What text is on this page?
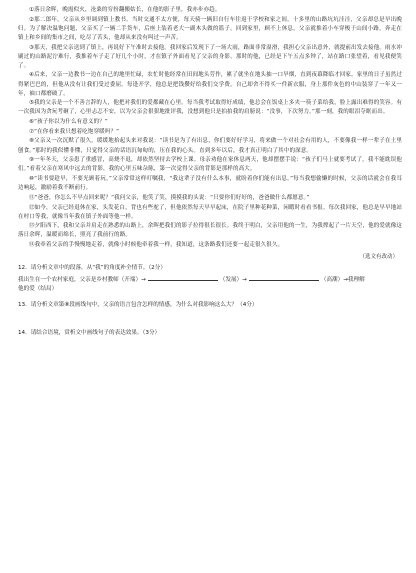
①落日余晖，晚霞似火，沧桑的穷扮翻搬姑长，在他的影子里，我亦步亦趋。

②那二郎年，父亲从乡里调到镇上教书。当时交通不太方便，每天骑一辆旧自行车往返于学校和家之间，十多里的山路坑坑洼洼，父亲却总是早出晚归。为了解决温饱问题，父亲买了一辆二手货车，后座上装着老大一副木头做的篮子。回到家里，顾不上休息，父亲就推着小车穿梭于山间小路，奔走在镇上和乡间的集市之间，吃尽了苦头，他却从来没有叫过一声苦。

③那天，我把父亲送到了镇上，再说好下午准时去接他。我回家后发现下了一场大雨，路面非常湿滑，我担心父亲出意外，就提前出发去接他。雨水冲刷过的山路泥泞难行，我推着车子走了好几个小时，才在镇子外面看见了父亲的身影。那时的他，已经是下午五点多钟了，站在路口张望着，看见我便笑了。

④后来，父亲一边教书一边在自己的地里忙碌，农忙时他经常在田间地头劳作，累了就坐在地头抽一口旱烟，直到夜幕降临才回家。家里的日子虽然过得紧巴巴的，但他从没有让我们受过委屈。每逢开学，他总是把钱攒好给我们交学费，自己却舍不得买一件新衣服，身上那件灰色的中山装穿了一年又一年，袖口都磨破了。

⑤我的父亲是一个不善言辞的人，他把对我们的爱都藏在心里。每当我考试取得好成绩，他总会在饭桌上多夹一筷子菜给我，脸上露出难得的笑容。有一次我因为贪玩考砸了，心里忐忑不安，以为父亲会狠狠地批评我，没想到他只是拍拍我的肩膀说：“没事，下次努力。”那一刻，我的眼泪夺眶而出。

⑥“孩子你以为什么有意义的？”

⑦“在你看来我只想着吃饱穿暖吗？”

⑧父亲又一次沉默了很久，缓缓地抬起头来对我说：“读书是为了有出息，你们要好好学习，将来做一个对社会有用的人，不要像我一样一辈子在土里刨食。”那时的我似懂非懂，只觉得父亲的话语沉甸甸的，压在我的心头。直到多年以后，我才真正明白了其中的深意。

⑨一年冬天，父亲患了重感冒，高烧不退，却依然坚持去学校上课。母亲劝他在家休息两天，他却摆摆手说：“孩子们马上就要考试了，我不能耽误他们。”看着父亲在寒风中远去的背影，我的心里五味杂陈，第一次觉得父亲的背影是那样的高大。

⑩“读书要趁早，不要光顾着玩。”父亲常常这样叮嘱我，“我这辈子没有什么本事，就盼着你们能有出息。”每当我想偷懒的时候，父亲的话就会在我耳边响起，激励着我不断前行。

⑪“爸爸，你怎么不早点回来呢？”我问父亲，他笑了笑，摸摸我的头说：“只要你们好好的，爸爸做什么都愿意。”

⑫如今，父亲已经退休在家，头发花白，背也有些驼了，但他依然每天早早起床，在院子里种花种菜，闲暇时看看书报。每次我回家，他总是早早地站在村口等我，就像当年我在镇子外面等他一样。

⑬夕阳西下，我和父亲并肩走在熟悉的山路上，余晖把我们的影子拉得很长很长。我终于明白，父亲用他的一生，为我撑起了一片天空，他的爱就像这落日余晖，温暖而绵长，照亮了我前行的路。

⑭我牵着父亲的手慢慢地走着，就像小时候他牵着我一样，我知道，这条路我们还要一起走很久很久。

（选文有改动）

12．请分析文章中的段落，从“我”的角度补全情节。（2分）

我出生在一个农村家庭，父亲是乡村教师（开端）→	（发展）→	（高潮）→我理解

他的爱（结局）

13．请分析文章第⑧段画线句中，父亲的语言包含怎样的情感，为什么对我影响这么大？（4分）

14．请结合语境，赏析文中画线句子的表达效果。（3分）
